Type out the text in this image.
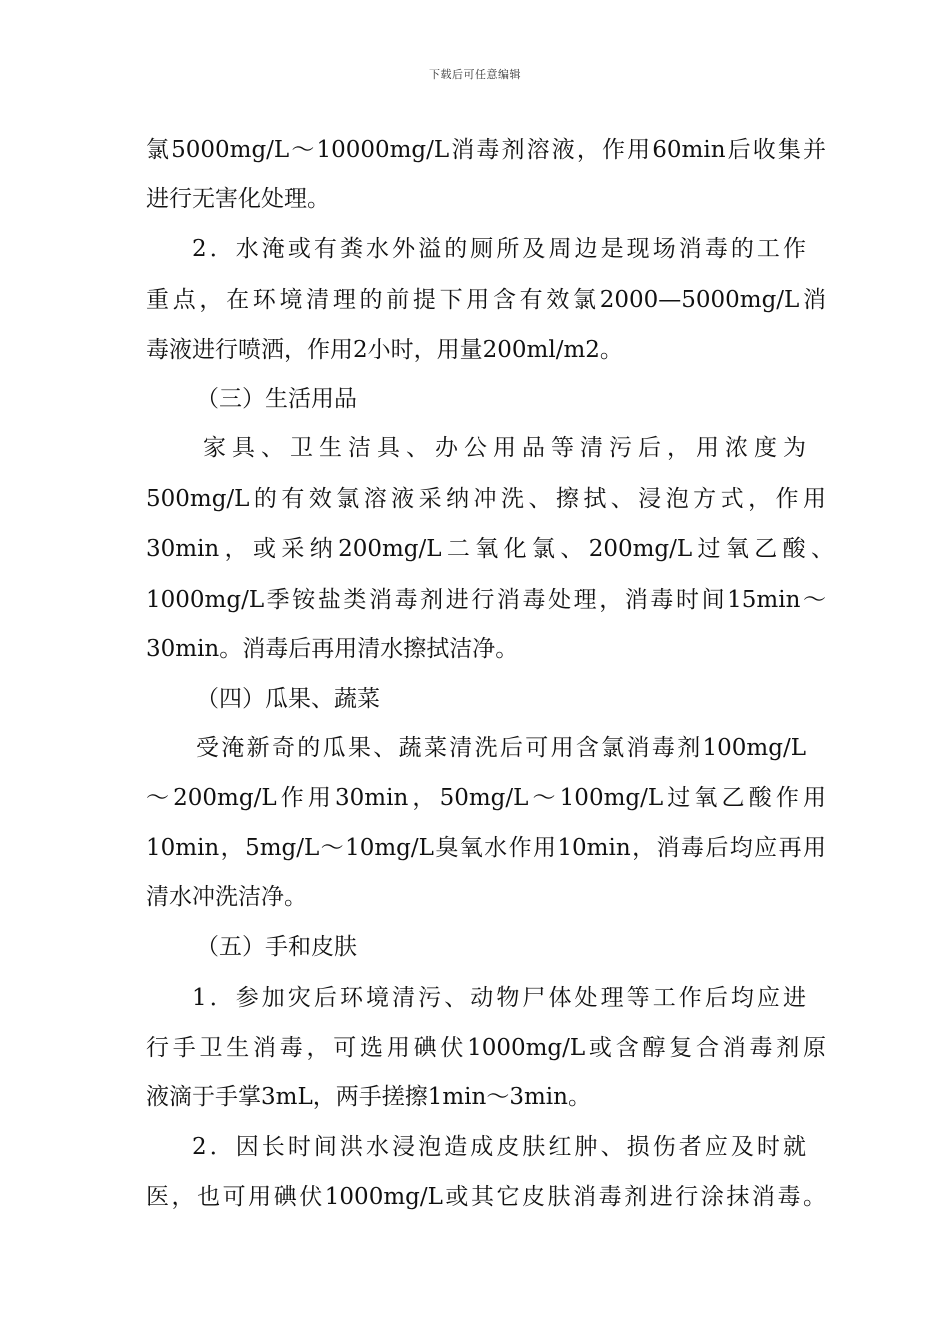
下载后可任意编辑
氯5000mg/L～10000mg/L消毒剂溶液，作用60min后收集并
进行无害化处理。
2．水淹或有粪水外溢的厕所及周边是现场消毒的工作
重点，在环境清理的前提下用含有效氯2000—5000mg/L消
毒液进行喷洒，作用2小时，用量200ml/m2。
（三）生活用品
家具、卫生洁具、办公用品等清污后，用浓度为
500mg/L的有效氯溶液采纳冲洗、擦拭、浸泡方式，作用
30min，或采纳200mg/L二氧化氯、200mg/L过氧乙酸、
1000mg/L季铵盐类消毒剂进行消毒处理，消毒时间15min～
30min。消毒后再用清水擦拭洁净。
（四）瓜果、蔬菜
受淹新奇的瓜果、蔬菜清洗后可用含氯消毒剂100mg/L
～200mg/L作用30min，50mg/L～100mg/L过氧乙酸作用
10min，5mg/L～10mg/L臭氧水作用10min，消毒后均应再用
清水冲洗洁净。
（五）手和皮肤
1．参加灾后环境清污、动物尸体处理等工作后均应进
行手卫生消毒，可选用碘伏1000mg/L或含醇复合消毒剂原
液滴于手掌3mL，两手搓擦1min～3min。
2．因长时间洪水浸泡造成皮肤红肿、损伤者应及时就
医，也可用碘伏1000mg/L或其它皮肤消毒剂进行涂抹消毒。
